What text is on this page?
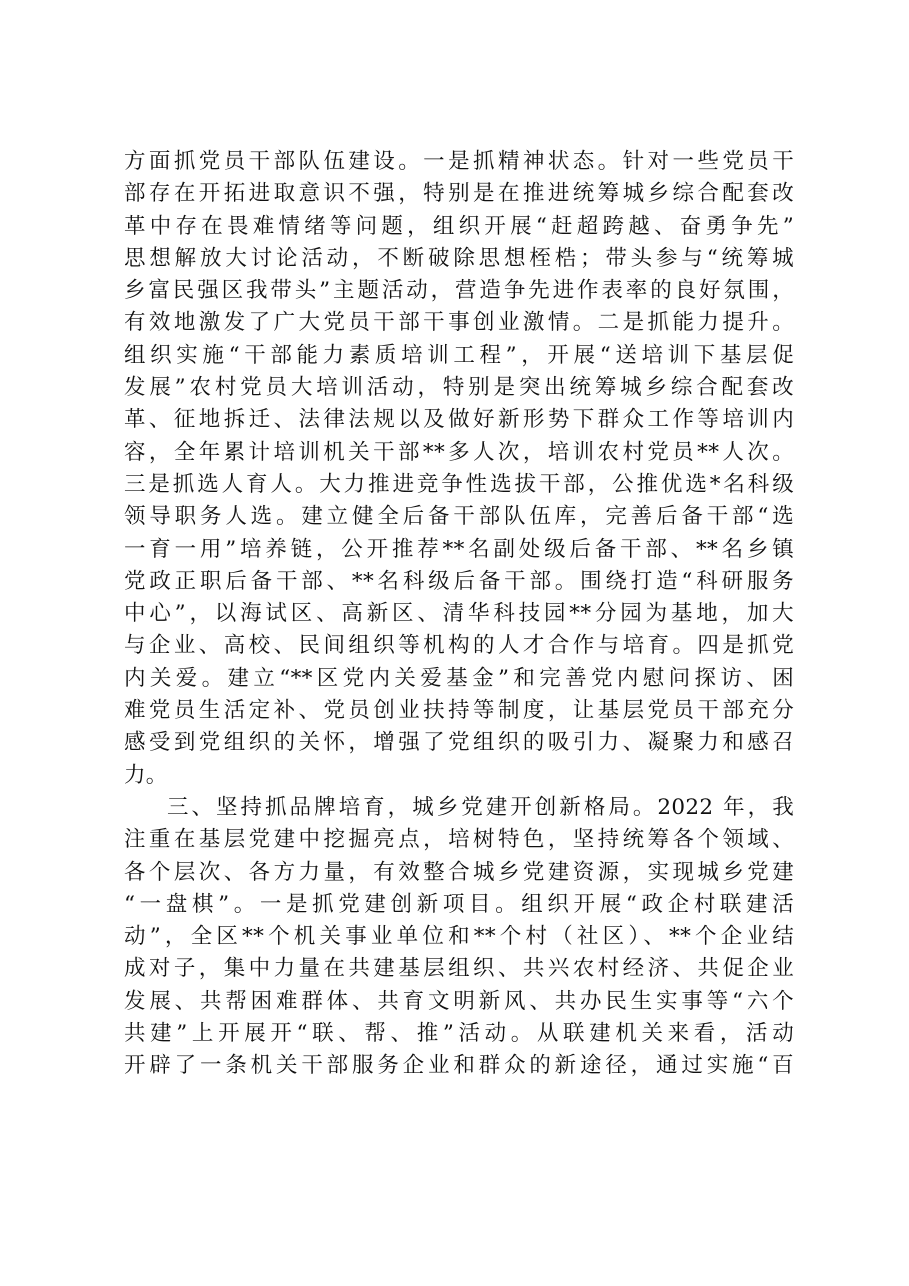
方面抓党员干部队伍建设。一是抓精神状态。针对一些党员干
部存在开拓进取意识不强，特别是在推进统筹城乡综合配套改
革中存在畏难情绪等问题，组织开展“赶超跨越、奋勇争先”
思想解放大讨论活动，不断破除思想桎梏；带头参与“统筹城
乡富民强区我带头”主题活动，营造争先进作表率的良好氛围，
有效地激发了广大党员干部干事创业激情。二是抓能力提升。
组织实施“干部能力素质培训工程”，开展“送培训下基层促
发展”农村党员大培训活动，特别是突出统筹城乡综合配套改
革、征地拆迁、法律法规以及做好新形势下群众工作等培训内
容，全年累计培训机关干部**多人次，培训农村党员**人次。
三是抓选人育人。大力推进竞争性选拔干部，公推优选*名科级
领导职务人选。建立健全后备干部队伍库，完善后备干部“选
一育一用”培养链，公开推荐**名副处级后备干部、**名乡镇
党政正职后备干部、**名科级后备干部。围绕打造“科研服务
中心”，以海试区、高新区、清华科技园**分园为基地，加大
与企业、高校、民间组织等机构的人才合作与培育。四是抓党
内关爱。建立“**区党内关爱基金”和完善党内慰问探访、困
难党员生活定补、党员创业扶持等制度，让基层党员干部充分
感受到党组织的关怀，增强了党组织的吸引力、凝聚力和感召
力。
三、坚持抓品牌培育，城乡党建开创新格局。2022 年，我
注重在基层党建中挖掘亮点，培树特色，坚持统筹各个领域、
各个层次、各方力量，有效整合城乡党建资源，实现城乡党建
“一盘棋”。一是抓党建创新项目。组织开展“政企村联建活
动”，全区**个机关事业单位和**个村（社区）、**个企业结
成对子，集中力量在共建基层组织、共兴农村经济、共促企业
发展、共帮困难群体、共育文明新风、共办民生实事等“六个
共建”上开展开“联、帮、推”活动。从联建机关来看，活动
开辟了一条机关干部服务企业和群众的新途径，通过实施“百
